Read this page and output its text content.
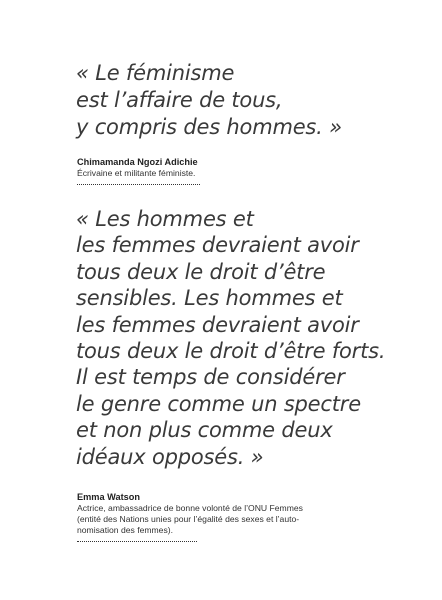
« Le féminisme
est l’affaire de tous,
y compris des hommes. »
Chimamanda Ngozi Adichie
Écrivaine et militante féministe.
« Les hommes et
les femmes devraient avoir
tous deux le droit d’être
sensibles. Les hommes et
les femmes devraient avoir
tous deux le droit d’être forts.
Il est temps de considérer
le genre comme un spectre
et non plus comme deux
idéaux opposés. »
Emma Watson
Actrice, ambassadrice de bonne volonté de l’ONU Femmes
(entité des Nations unies pour l’égalité des sexes et l’auto-
nomisation des femmes).
